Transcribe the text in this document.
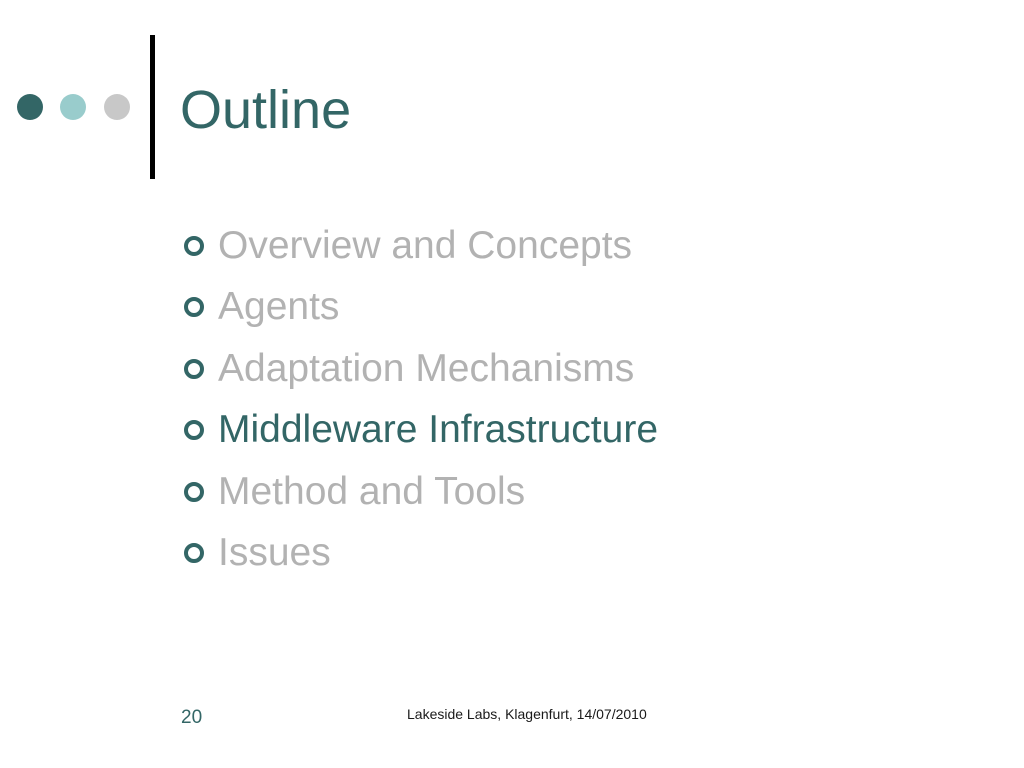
Outline
Overview and Concepts
Agents
Adaptation Mechanisms
Middleware Infrastructure
Method and Tools
Issues
20	Lakeside Labs, Klagenfurt, 14/07/2010
